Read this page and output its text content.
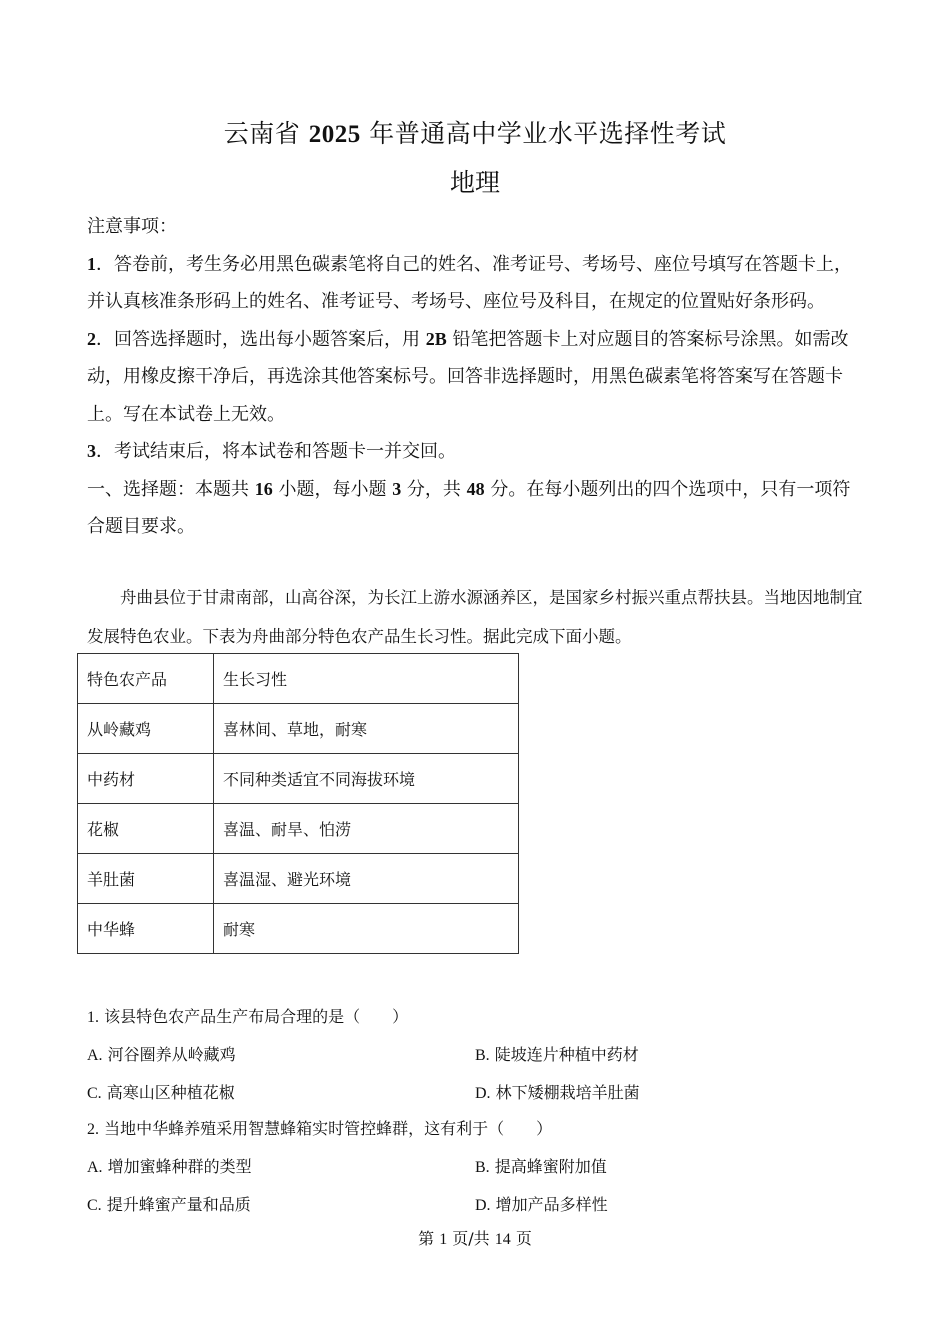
云南省 2025 年普通高中学业水平选择性考试
地理

注意事项：

1．答卷前，考生务必用黑色碳素笔将自己的姓名、准考证号、考场号、座位号填写在答题卡上，并认真核准条形码上的姓名、准考证号、考场号、座位号及科目，在规定的位置贴好条形码。

2．回答选择题时，选出每小题答案后，用 2B 铅笔把答题卡上对应题目的答案标号涂黑。如需改动，用橡皮擦干净后，再选涂其他答案标号。回答非选择题时，用黑色碳素笔将答案写在答题卡上。写在本试卷上无效。

3．考试结束后，将本试卷和答题卡一并交回。

一、选择题：本题共 16 小题，每小题 3 分，共 48 分。在每小题列出的四个选项中，只有一项符合题目要求。

舟曲县位于甘肃南部，山高谷深，为长江上游水源涵养区，是国家乡村振兴重点帮扶县。当地因地制宜发展特色农业。下表为舟曲部分特色农产品生长习性。据此完成下面小题。

特色农产品	生长习性
从岭藏鸡	喜林间、草地，耐寒
中药材	不同种类适宜不同海拔环境
花椒	喜温、耐旱、怕涝
羊肚菌	喜温湿、避光环境
中华蜂	耐寒
1. 该县特色农产品生产布局合理的是（　　）
A. 河谷圈养从岭藏鸡	B. 陡坡连片种植中药材
C. 高寒山区种植花椒	D. 林下矮棚栽培羊肚菌
2. 当地中华蜂养殖采用智慧蜂箱实时管控蜂群，这有利于（　　）
A. 增加蜜蜂种群的类型	B. 提高蜂蜜附加值
C. 提升蜂蜜产量和品质	D. 增加产品多样性
第 1 页/共 14 页
